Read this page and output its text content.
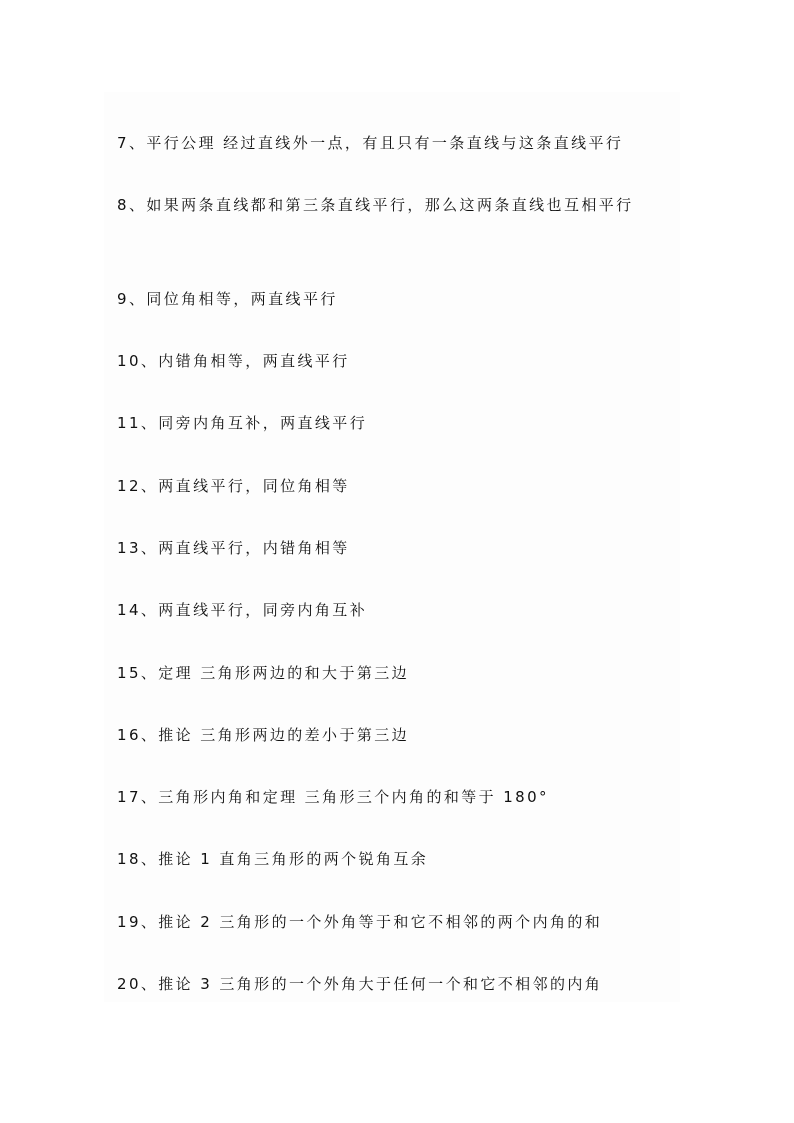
7、平行公理 经过直线外一点，有且只有一条直线与这条直线平行
8、如果两条直线都和第三条直线平行，那么这两条直线也互相平行
9、同位角相等，两直线平行
10、内错角相等，两直线平行
11、同旁内角互补，两直线平行
12、两直线平行，同位角相等
13、两直线平行，内错角相等
14、两直线平行，同旁内角互补
15、定理 三角形两边的和大于第三边
16、推论 三角形两边的差小于第三边
17、三角形内角和定理 三角形三个内角的和等于 180°
18、推论 1 直角三角形的两个锐角互余
19、推论 2 三角形的一个外角等于和它不相邻的两个内角的和
20、推论 3 三角形的一个外角大于任何一个和它不相邻的内角
